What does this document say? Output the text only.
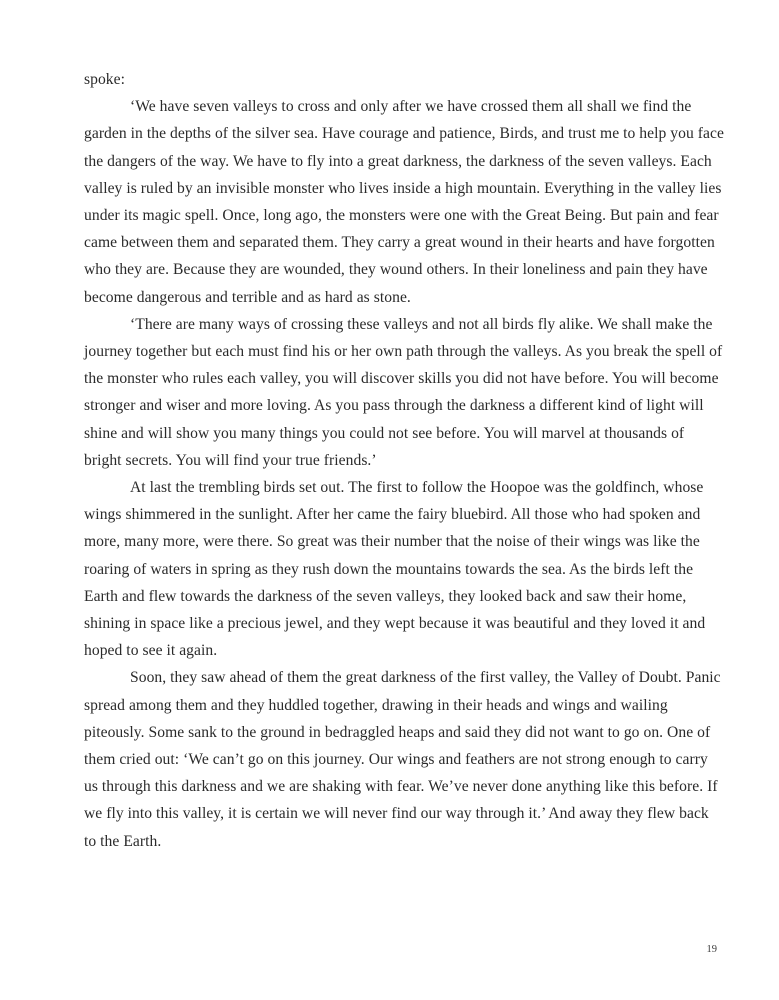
spoke:

‘We have seven valleys to cross and only after we have crossed them all shall we find the garden in the depths of the silver sea. Have courage and patience, Birds, and trust me to help you face the dangers of the way. We have to fly into a great darkness, the darkness of the seven valleys. Each valley is ruled by an invisible monster who lives inside a high mountain. Everything in the valley lies under its magic spell. Once, long ago, the monsters were one with the Great Being. But pain and fear came between them and separated them. They carry a great wound in their hearts and have forgotten who they are. Because they are wounded, they wound others. In their loneliness and pain they have become dangerous and terrible and as hard as stone.

‘There are many ways of crossing these valleys and not all birds fly alike. We shall make the journey together but each must find his or her own path through the valleys. As you break the spell of the monster who rules each valley, you will discover skills you did not have before. You will become stronger and wiser and more loving. As you pass through the darkness a different kind of light will shine and will show you many things you could not see before. You will marvel at thousands of bright secrets. You will find your true friends.’

At last the trembling birds set out. The first to follow the Hoopoe was the goldfinch, whose wings shimmered in the sunlight. After her came the fairy bluebird. All those who had spoken and more, many more, were there. So great was their number that the noise of their wings was like the roaring of waters in spring as they rush down the mountains towards the sea. As the birds left the Earth and flew towards the darkness of the seven valleys, they looked back and saw their home, shining in space like a precious jewel, and they wept because it was beautiful and they loved it and hoped to see it again.

Soon, they saw ahead of them the great darkness of the first valley, the Valley of Doubt. Panic spread among them and they huddled together, drawing in their heads and wings and wailing piteously. Some sank to the ground in bedraggled heaps and said they did not want to go on. One of them cried out: ‘We can’t go on this journey. Our wings and feathers are not strong enough to carry us through this darkness and we are shaking with fear. We’ve never done anything like this before. If we fly into this valley, it is certain we will never find our way through it.’ And away they flew back to the Earth.

19
